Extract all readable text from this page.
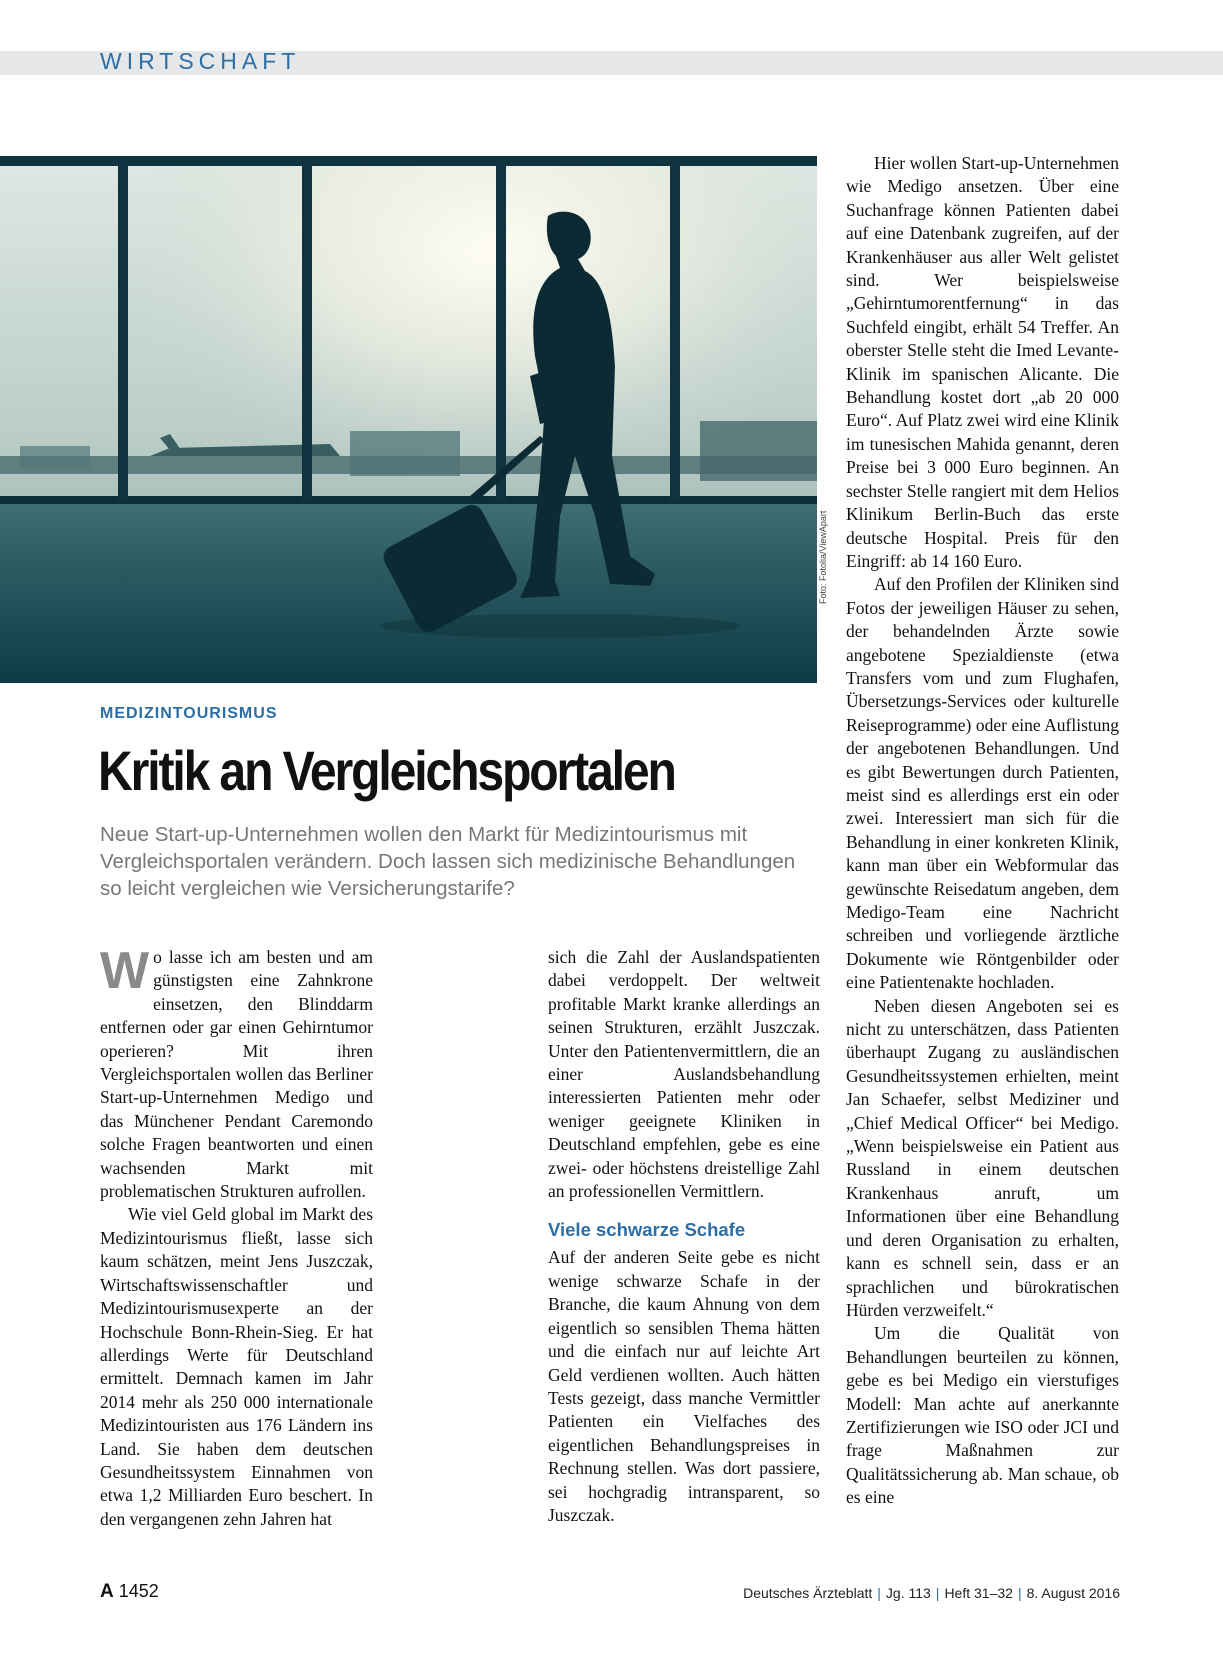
WIRTSCHAFT
Foto: Fotolia/ViewApart
MEDIZINTOURISMUS
Kritik an Vergleichsportalen
Neue Start-up-Unternehmen wollen den Markt für Medizintourismus mit Vergleichsportalen verändern. Doch lassen sich medizinische Behandlungen so leicht vergleichen wie Versicherungstarife?

Wo lasse ich am besten und am günstigsten eine Zahnkrone einsetzen, den Blinddarm entfernen oder gar einen Gehirntumor operieren? Mit ihren Vergleichsportalen wollen das Berliner Start-up-Unternehmen Medigo und das Münchener Pendant Caremondo solche Fragen beantworten und einen wachsenden Markt mit problematischen Strukturen aufrollen.

Wie viel Geld global im Markt des Medizintourismus fließt, lasse sich kaum schätzen, meint Jens Juszczak, Wirtschaftswissenschaftler und Medizintourismusexperte an der Hochschule Bonn-Rhein-Sieg. Er hat allerdings Werte für Deutschland ermittelt. Demnach kamen im Jahr 2014 mehr als 250 000 internationale Medizintouristen aus 176 Ländern ins Land. Sie haben dem deutschen Gesundheitssystem Einnahmen von etwa 1,2 Milliarden Euro beschert. In den vergangenen zehn Jahren hat

sich die Zahl der Auslandspatienten dabei verdoppelt. Der weltweit profitable Markt kranke allerdings an seinen Strukturen, erzählt Juszczak. Unter den Patientenvermittlern, die an einer Auslandsbehandlung interessierten Patienten mehr oder weniger geeignete Kliniken in Deutschland empfehlen, gebe es eine zwei- oder höchstens dreistellige Zahl an professionellen Vermittlern.

Viele schwarze Schafe

Auf der anderen Seite gebe es nicht wenige schwarze Schafe in der Branche, die kaum Ahnung von dem eigentlich so sensiblen Thema hätten und die einfach nur auf leichte Art Geld verdienen wollten. Auch hätten Tests gezeigt, dass manche Vermittler Patienten ein Vielfaches des eigentlichen Behandlungspreises in Rechnung stellen. Was dort passiere, sei hochgradig intransparent, so Juszczak.

Hier wollen Start-up-Unternehmen wie Medigo ansetzen. Über eine Suchanfrage können Patienten dabei auf eine Datenbank zugreifen, auf der Krankenhäuser aus aller Welt gelistet sind. Wer beispielsweise „Gehirntumorentfernung“ in das Suchfeld eingibt, erhält 54 Treffer. An oberster Stelle steht die Imed Levante-Klinik im spanischen Alicante. Die Behandlung kostet dort „ab 20 000 Euro“. Auf Platz zwei wird eine Klinik im tunesischen Mahida genannt, deren Preise bei 3 000 Euro beginnen. An sechster Stelle rangiert mit dem Helios Klinikum Berlin-Buch das erste deutsche Hospital. Preis für den Eingriff: ab 14 160 Euro.

Auf den Profilen der Kliniken sind Fotos der jeweiligen Häuser zu sehen, der behandelnden Ärzte sowie angebotene Spezialdienste (etwa Transfers vom und zum Flughafen, Übersetzungs-Services oder kulturelle Reiseprogramme) oder eine Auflistung der angebotenen Behandlungen. Und es gibt Bewertungen durch Patienten, meist sind es allerdings erst ein oder zwei. Interessiert man sich für die Behandlung in einer konkreten Klinik, kann man über ein Webformular das gewünschte Reisedatum angeben, dem Medigo-Team eine Nachricht schreiben und vorliegende ärztliche Dokumente wie Röntgenbilder oder eine Patientenakte hochladen.

Neben diesen Angeboten sei es nicht zu unterschätzen, dass Patienten überhaupt Zugang zu ausländischen Gesundheitssystemen erhielten, meint Jan Schaefer, selbst Mediziner und „Chief Medical Officer“ bei Medigo. „Wenn beispielsweise ein Patient aus Russland in einem deutschen Krankenhaus anruft, um Informationen über eine Behandlung und deren Organisation zu erhalten, kann es schnell sein, dass er an sprachlichen und bürokratischen Hürden verzweifelt.“

Um die Qualität von Behandlungen beurteilen zu können, gebe es bei Medigo ein vierstufiges Modell: Man achte auf anerkannte Zertifizierungen wie ISO oder JCI und frage Maßnahmen zur Qualitätssicherung ab. Man schaue, ob es eine

A 1452	Deutsches Ärzteblatt | Jg. 113 | Heft 31–32 | 8. August 2016
